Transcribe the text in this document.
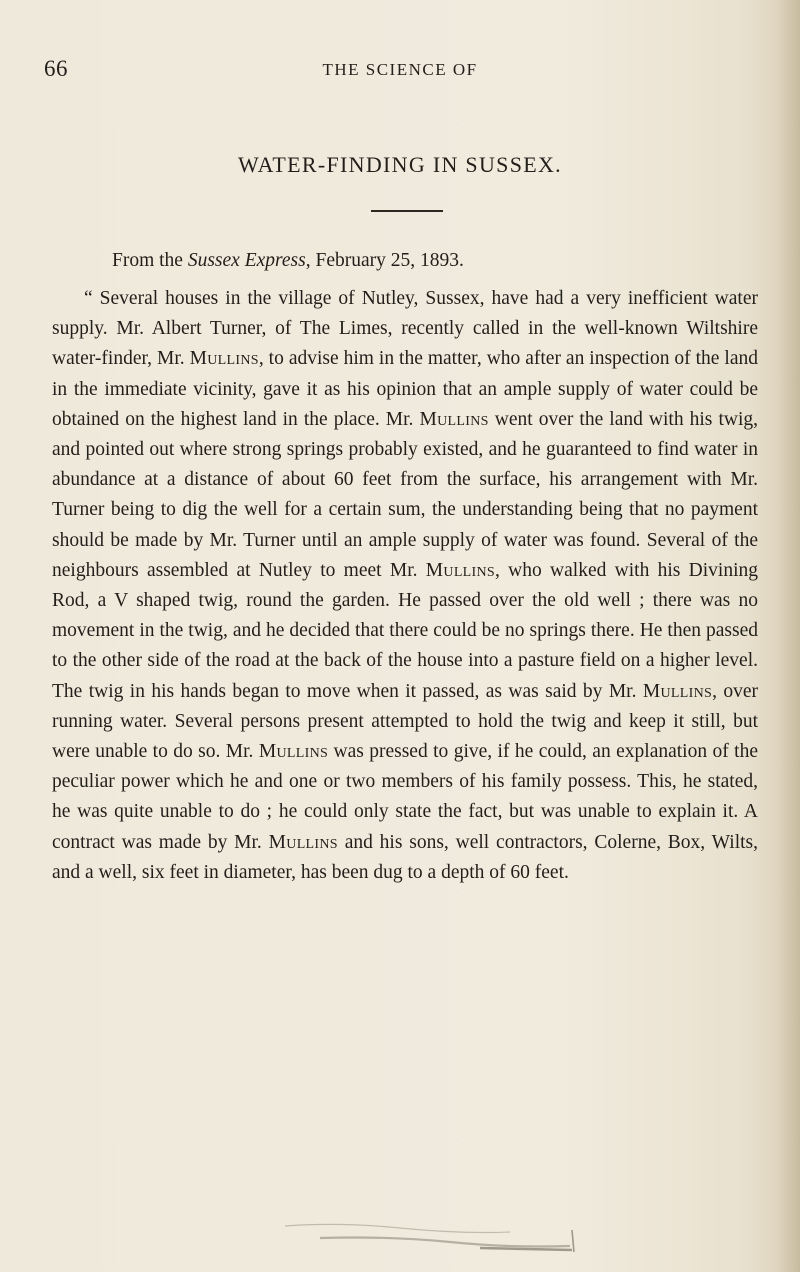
66	THE SCIENCE OF
WATER-FINDING IN SUSSEX.

From the Sussex Express, February 25, 1893.

“ Several houses in the village of Nutley, Sussex, have had a very inefficient water supply. Mr. Albert Turner, of The Limes, recently called in the well-known Wiltshire water-finder, Mr. Mullins, to advise him in the matter, who after an inspection of the land in the immediate vicinity, gave it as his opinion that an ample supply of water could be obtained on the highest land in the place. Mr. Mullins went over the land with his twig, and pointed out where strong springs probably existed, and he guaranteed to find water in abundance at a distance of about 60 feet from the surface, his arrangement with Mr. Turner being to dig the well for a certain sum, the understanding being that no payment should be made by Mr. Turner until an ample supply of water was found. Several of the neighbours assembled at Nutley to meet Mr. Mullins, who walked with his Divining Rod, a V shaped twig, round the garden. He passed over the old well ; there was no movement in the twig, and he decided that there could be no springs there. He then passed to the other side of the road at the back of the house into a pasture field on a higher level. The twig in his hands began to move when it passed, as was said by Mr. Mullins, over running water. Several persons present attempted to hold the twig and keep it still, but were unable to do so. Mr. Mullins was pressed to give, if he could, an explanation of the peculiar power which he and one or two members of his family possess. This, he stated, he was quite unable to do ; he could only state the fact, but was unable to explain it. A contract was made by Mr. Mullins and his sons, well contractors, Colerne, Box, Wilts, and a well, six feet in diameter, has been dug to a depth of 60 feet.
